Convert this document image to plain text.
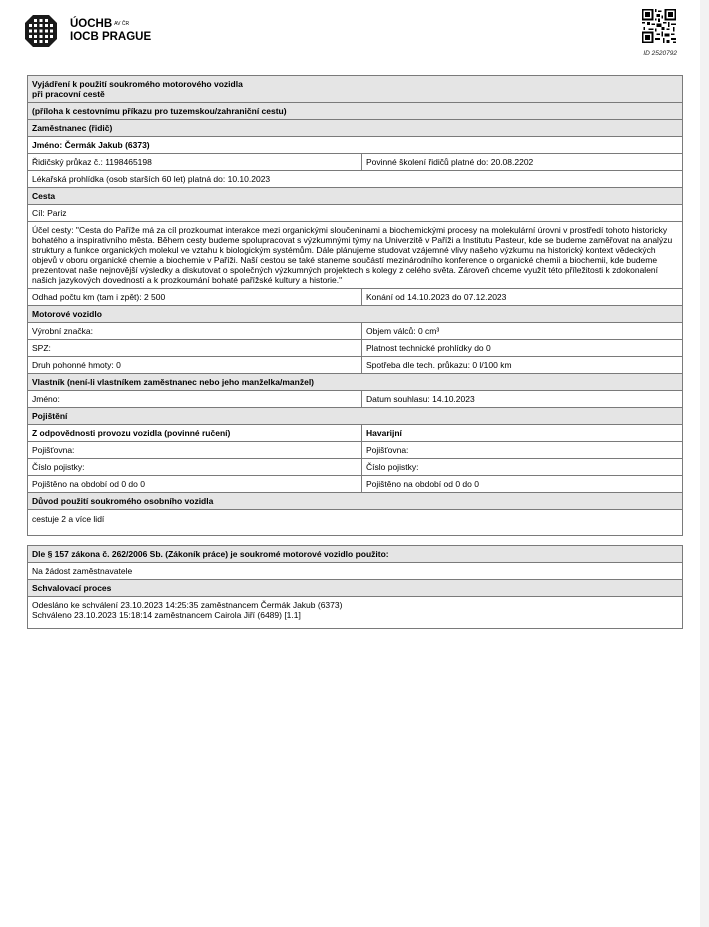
ÚOCHB $^{AV ČR}$
IOCB PRAGUE
ID 2520792
Vyjádření k použití soukromého motorového vozidla
při pracovní cestě	

(příloha k cestovnímu příkazu pro tuzemskou/zahraniční cestu)	
Zaměstnanec (řidič)	
Jméno: Čermák Jakub (6373)	
Řidičský průkaz č.: 1198465198	Povinné školení řidičů platné do: 20.08.2202
Lékařská prohlídka (osob starších 60 let) platná do: 10.10.2023	
Cesta	
Cíl: Pariz	
Účel cesty: "Cesta do Paříže má za cíl prozkoumat interakce mezi organickými sloučeninami a biochemickými procesy na molekulární úrovni v prostředí tohoto historicky bohatého a inspirativního města. Během cesty budeme spolupracovat s výzkumnými týmy na Univerzitě v Paříži a Institutu Pasteur, kde se budeme zaměřovat na analýzu struktury a funkce organických molekul ve vztahu k biologickým systémům. Dále plánujeme studovat vzájemné vlivy našeho výzkumu na historický kontext vědeckých objevů v oboru organické chemie a biochemie v Paříži. Naší cestou se také staneme součástí mezinárodního konference o organické chemii a biochemii, kde budeme prezentovat naše nejnovější výsledky a diskutovat o společných výzkumných projektech s kolegy z celého světa. Zároveň chceme využít této příležitosti k zdokonalení našich jazykových dovedností a k prozkoumání bohaté pařížské kultury a historie."	
Odhad počtu km (tam i zpět): 2 500	Konání od 14.10.2023 do 07.12.2023
Motorové vozidlo	
Výrobní značka:	Objem válců: 0 cm³
SPZ:	Platnost technické prohlídky do 0
Druh pohonné hmoty: 0	Spotřeba dle tech. průkazu: 0 l/100 km
Vlastník (není-li vlastníkem zaměstnanec nebo jeho manželka/manžel)	
Jméno:	Datum souhlasu: 14.10.2023
Pojištění	
Z odpovědnosti provozu vozidla (povinné ručení)	Havarijní
Pojišťovna:	Pojišťovna:
Číslo pojistky:	Číslo pojistky:
Pojištěno na období od 0 do 0	Pojištěno na období od 0 do 0
Důvod použití soukromého osobního vozidla	
cestuje 2 a více lidí	

Dle § 157 zákona č. 262/2006 Sb. (Zákoník práce) je soukromé motorové vozidlo použito:	
Na žádost zaměstnavatele	
Schvalovací proces	

Odesláno ke schválení 23.10.2023 14:25:35 zaměstnancem Čermák Jakub (6373)
Schváleno 23.10.2023 15:18:14 zaměstnancem Cairola Jiří (6489) [1.1]	
